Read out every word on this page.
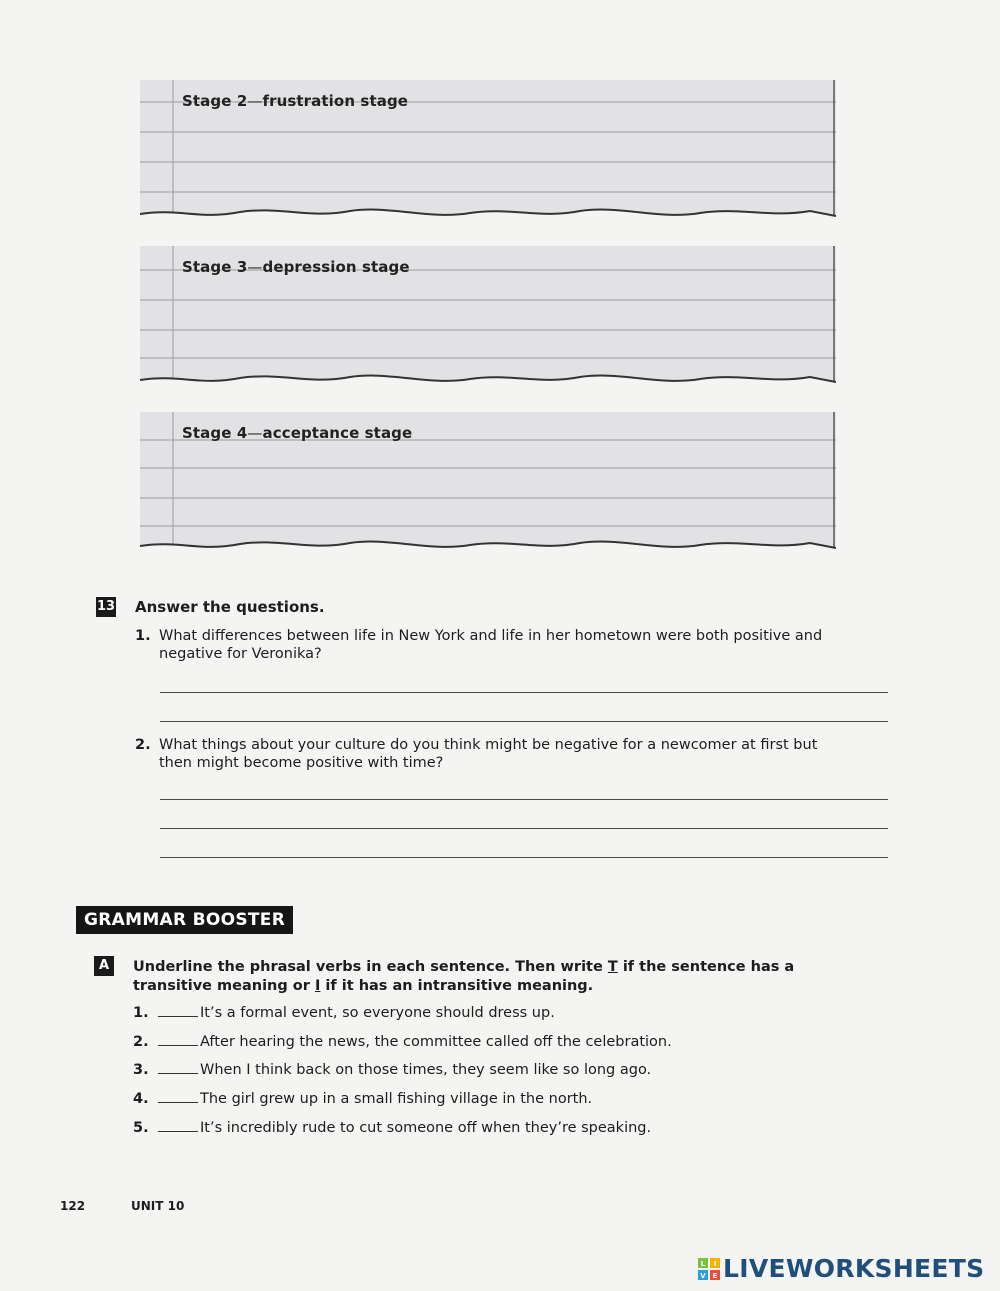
Stage 2—frustration stage
Stage 3—depression stage
Stage 4—acceptance stage
13 Answer the questions.
1. What differences between life in New York and life in her hometown were both positive and negative for Veronika?
2. What things about your culture do you think might be negative for a newcomer at first but then might become positive with time?
GRAMMAR BOOSTER
A	Underline the phrasal verbs in each sentence. Then write T if the sentence has a transitive meaning or I if it has an intransitive meaning.
1.	It’s a formal event, so everyone should dress up.
2.	After hearing the news, the committee called off the celebration.
3.	When I think back on those times, they seem like so long ago.
4.	The girl grew up in a small fishing village in the north.
5.	It’s incredibly rude to cut someone off when they’re speaking.
122	UNIT 10
L I
V E LIVEWORKSHEETS
